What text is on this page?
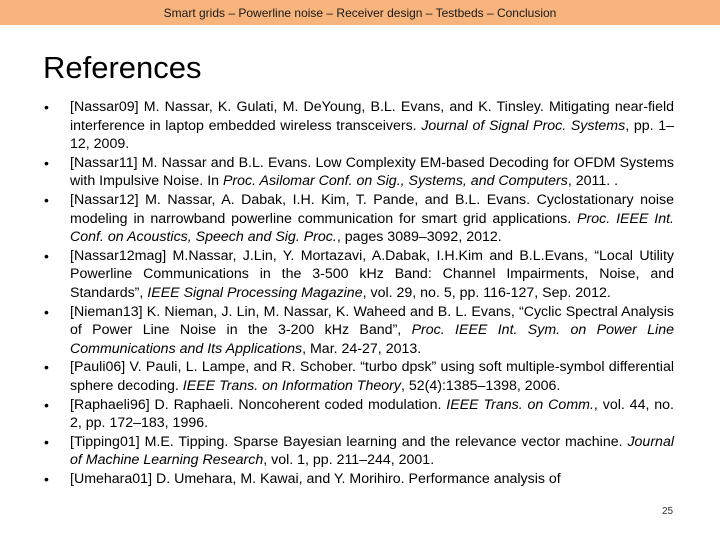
Smart grids – Powerline noise – Receiver design – Testbeds – Conclusion
References
• [Nassar09] M. Nassar, K. Gulati, M. DeYoung, B.L. Evans, and K. Tinsley. Mitigating near-field interference in laptop embedded wireless transceivers. Journal of Signal Proc. Systems, pp. 1–12, 2009.
• [Nassar11] M. Nassar and B.L. Evans. Low Complexity EM-based Decoding for OFDM Systems with Impulsive Noise. In Proc. Asilomar Conf. on Sig., Systems, and Computers, 2011. .
• [Nassar12] M. Nassar, A. Dabak, I.H. Kim, T. Pande, and B.L. Evans. Cyclostationary noise modeling in narrowband powerline communication for smart grid applications. Proc. IEEE Int. Conf. on Acoustics, Speech and Sig. Proc., pages 3089–3092, 2012.
• [Nassar12mag] M.Nassar, J.Lin, Y. Mortazavi, A.Dabak, I.H.Kim and B.L.Evans, “Local Utility Powerline Communications in the 3-500 kHz Band: Channel Impairments, Noise, and Standards”, IEEE Signal Processing Magazine, vol. 29, no. 5, pp. 116-127, Sep. 2012.
• [Nieman13] K. Nieman, J. Lin, M. Nassar, K. Waheed and B. L. Evans, “Cyclic Spectral Analysis of Power Line Noise in the 3-200 kHz Band”, Proc. IEEE Int. Sym. on Power Line Communications and Its Applications, Mar. 24-27, 2013.
• [Pauli06] V. Pauli, L. Lampe, and R. Schober. “turbo dpsk” using soft multiple-symbol differential sphere decoding. IEEE Trans. on Information Theory, 52(4):1385–1398, 2006.
• [Raphaeli96] D. Raphaeli. Noncoherent coded modulation. IEEE Trans. on Comm., vol. 44, no. 2, pp. 172–183, 1996.
• [Tipping01] M.E. Tipping. Sparse Bayesian learning and the relevance vector machine. Journal of Machine Learning Research, vol. 1, pp. 211–244, 2001.
• [Umehara01] D. Umehara, M. Kawai, and Y. Morihiro. Performance analysis of
25
